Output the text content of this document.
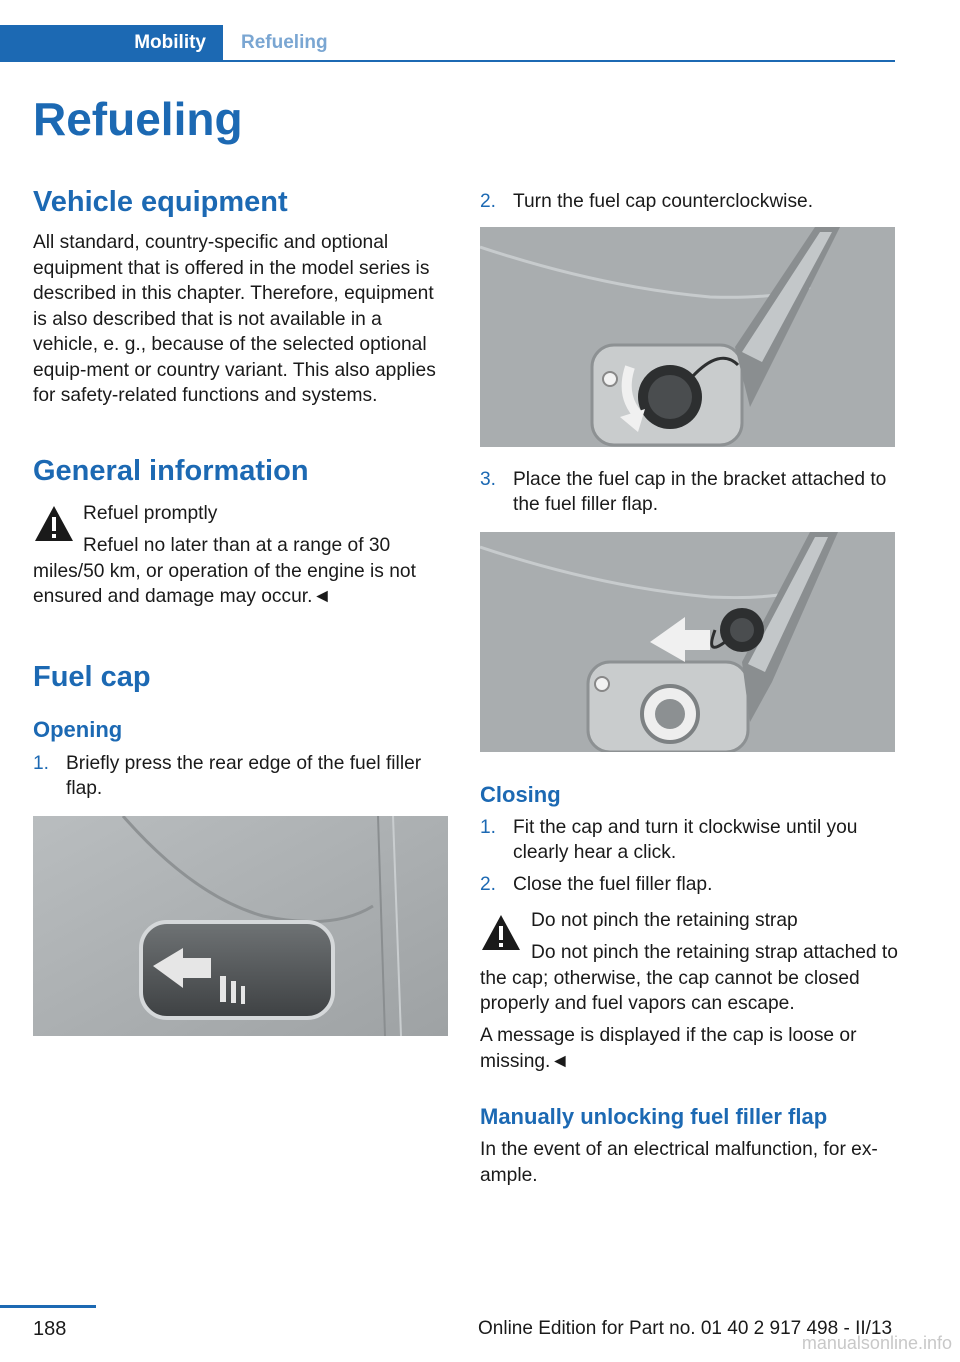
Mobility	Refueling
Refueling
Vehicle equipment
All standard, country-specific and optional equipment that is offered in the model series is described in this chapter. Therefore, equipment is also described that is not available in a vehicle, e. g., because of the selected optional equip-ment or country variant. This also applies for safety-related functions and systems.
General information
Refuel promptly
Refuel no later than at a range of 30 miles/50 km, or operation of the engine is not ensured and damage may occur.◄
Fuel cap
Opening
1. Briefly press the rear edge of the fuel filler flap.
2. Turn the fuel cap counterclockwise.
3. Place the fuel cap in the bracket attached to the fuel filler flap.
Closing
1. Fit the cap and turn it clockwise until you clearly hear a click.
2. Close the fuel filler flap.
Do not pinch the retaining strap
Do not pinch the retaining strap attached to the cap; otherwise, the cap cannot be closed properly and fuel vapors can escape.
A message is displayed if the cap is loose or missing.◄
Manually unlocking fuel filler flap
In the event of an electrical malfunction, for ex-ample.
188	Online Edition for Part no. 01 40 2 917 498 - II/13
manualsonline.info
